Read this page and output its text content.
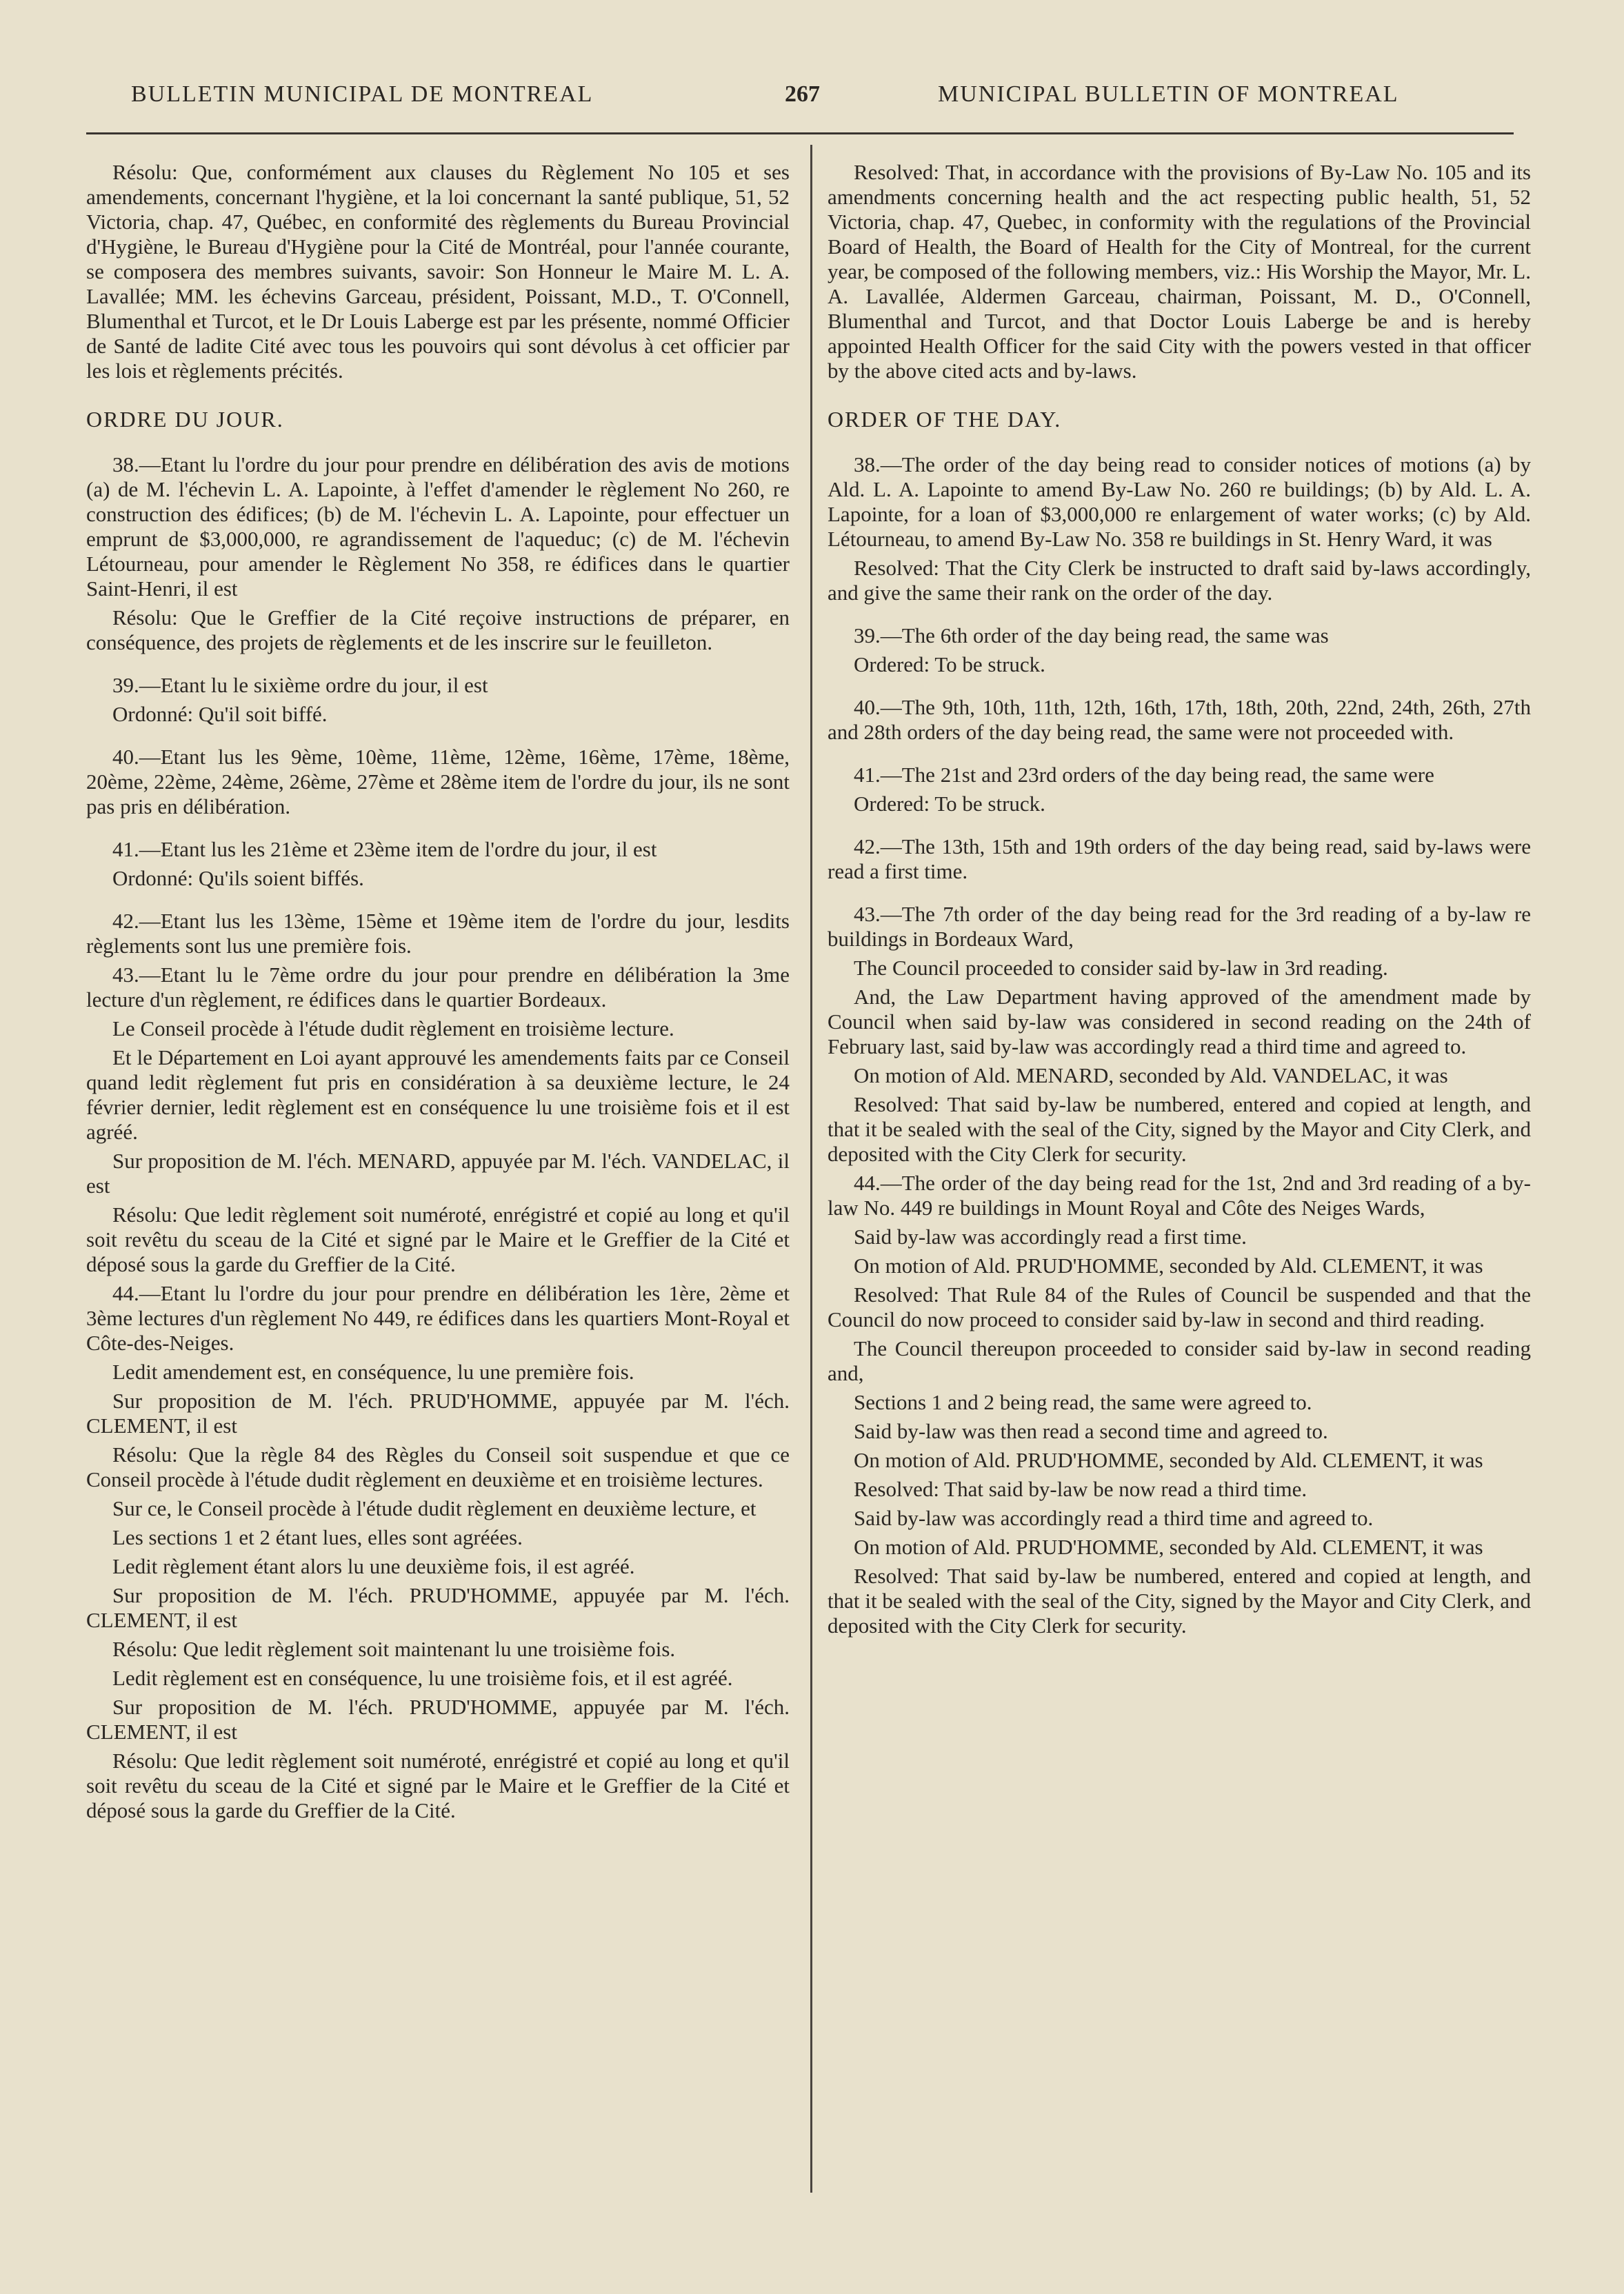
BULLETIN MUNICIPAL DE MONTREAL	267	MUNICIPAL BULLETIN OF MONTREAL

Résolu: Que, conformément aux clauses du Règlement No 105 et ses amendements, concernant l'hygiène, et la loi concernant la santé publique, 51, 52 Victoria, chap. 47, Québec, en conformité des règlements du Bureau Provincial d'Hygiène, le Bureau d'Hygiène pour la Cité de Montréal, pour l'année courante, se composera des membres suivants, savoir: Son Honneur le Maire M. L. A. Lavallée; MM. les échevins Garceau, président, Poissant, M.D., T. O'Connell, Blumenthal et Turcot, et le Dr Louis Laberge est par les présente, nommé Officier de Santé de ladite Cité avec tous les pouvoirs qui sont dévolus à cet officier par les lois et règlements précités.

ORDRE DU JOUR.

38.—Etant lu l'ordre du jour pour prendre en délibération des avis de motions (a) de M. l'échevin L. A. Lapointe, à l'effet d'amender le règlement No 260, re construction des édifices; (b) de M. l'échevin L. A. Lapointe, pour effectuer un emprunt de $3,000,000, re agrandissement de l'aqueduc; (c) de M. l'échevin Létourneau, pour amender le Règlement No 358, re édifices dans le quartier Saint-Henri, il est

Résolu: Que le Greffier de la Cité reçoive instructions de préparer, en conséquence, des projets de règlements et de les inscrire sur le feuilleton.

39.—Etant lu le sixième ordre du jour, il est

Ordonné: Qu'il soit biffé.

40.—Etant lus les 9ème, 10ème, 11ème, 12ème, 16ème, 17ème, 18ème, 20ème, 22ème, 24ème, 26ème, 27ème et 28ème item de l'ordre du jour, ils ne sont pas pris en délibération.

41.—Etant lus les 21ème et 23ème item de l'ordre du jour, il est

Ordonné: Qu'ils soient biffés.

42.—Etant lus les 13ème, 15ème et 19ème item de l'ordre du jour, lesdits règlements sont lus une première fois.

43.—Etant lu le 7ème ordre du jour pour prendre en délibération la 3me lecture d'un règlement, re édifices dans le quartier Bordeaux.

Le Conseil procède à l'étude dudit règlement en troisième lecture.

Et le Département en Loi ayant approuvé les amendements faits par ce Conseil quand ledit règlement fut pris en considération à sa deuxième lecture, le 24 février dernier, ledit règlement est en conséquence lu une troisième fois et il est agréé.

Sur proposition de M. l'éch. MENARD, appuyée par M. l'éch. VANDELAC, il est

Résolu: Que ledit règlement soit numéroté, enrégistré et copié au long et qu'il soit revêtu du sceau de la Cité et signé par le Maire et le Greffier de la Cité et déposé sous la garde du Greffier de la Cité.

44.—Etant lu l'ordre du jour pour prendre en délibération les 1ère, 2ème et 3ème lectures d'un règlement No 449, re édifices dans les quartiers Mont-Royal et Côte-des-Neiges.

Ledit amendement est, en conséquence, lu une première fois.

Sur proposition de M. l'éch. PRUD'HOMME, appuyée par M. l'éch. CLEMENT, il est

Résolu: Que la règle 84 des Règles du Conseil soit suspendue et que ce Conseil procède à l'étude dudit règlement en deuxième et en troisième lectures.

Sur ce, le Conseil procède à l'étude dudit règlement en deuxième lecture, et

Les sections 1 et 2 étant lues, elles sont agréées.

Ledit règlement étant alors lu une deuxième fois, il est agréé.

Sur proposition de M. l'éch. PRUD'HOMME, appuyée par M. l'éch. CLEMENT, il est

Résolu: Que ledit règlement soit maintenant lu une troisième fois.

Ledit règlement est en conséquence, lu une troisième fois, et il est agréé.

Sur proposition de M. l'éch. PRUD'HOMME, appuyée par M. l'éch. CLEMENT, il est

Résolu: Que ledit règlement soit numéroté, enrégistré et copié au long et qu'il soit revêtu du sceau de la Cité et signé par le Maire et le Greffier de la Cité et déposé sous la garde du Greffier de la Cité.

Resolved: That, in accordance with the provisions of By-Law No. 105 and its amendments concerning health and the act respecting public health, 51, 52 Victoria, chap. 47, Quebec, in conformity with the regulations of the Provincial Board of Health, the Board of Health for the City of Montreal, for the current year, be composed of the following members, viz.: His Worship the Mayor, Mr. L. A. Lavallée, Aldermen Garceau, chairman, Poissant, M. D., O'Connell, Blumenthal and Turcot, and that Doctor Louis Laberge be and is hereby appointed Health Officer for the said City with the powers vested in that officer by the above cited acts and by-laws.

ORDER OF THE DAY.

38.—The order of the day being read to consider notices of motions (a) by Ald. L. A. Lapointe to amend By-Law No. 260 re buildings; (b) by Ald. L. A. Lapointe, for a loan of $3,000,000 re enlargement of water works; (c) by Ald. Létourneau, to amend By-Law No. 358 re buildings in St. Henry Ward, it was

Resolved: That the City Clerk be instructed to draft said by-laws accordingly, and give the same their rank on the order of the day.

39.—The 6th order of the day being read, the same was

Ordered: To be struck.

40.—The 9th, 10th, 11th, 12th, 16th, 17th, 18th, 20th, 22nd, 24th, 26th, 27th and 28th orders of the day being read, the same were not proceeded with.

41.—The 21st and 23rd orders of the day being read, the same were

Ordered: To be struck.

42.—The 13th, 15th and 19th orders of the day being read, said by-laws were read a first time.

43.—The 7th order of the day being read for the 3rd reading of a by-law re buildings in Bordeaux Ward,

The Council proceeded to consider said by-law in 3rd reading.

And, the Law Department having approved of the amendment made by Council when said by-law was considered in second reading on the 24th of February last, said by-law was accordingly read a third time and agreed to.

On motion of Ald. MENARD, seconded by Ald. VANDELAC, it was

Resolved: That said by-law be numbered, entered and copied at length, and that it be sealed with the seal of the City, signed by the Mayor and City Clerk, and deposited with the City Clerk for security.

44.—The order of the day being read for the 1st, 2nd and 3rd reading of a by-law No. 449 re buildings in Mount Royal and Côte des Neiges Wards,

Said by-law was accordingly read a first time.

On motion of Ald. PRUD'HOMME, seconded by Ald. CLEMENT, it was

Resolved: That Rule 84 of the Rules of Council be suspended and that the Council do now proceed to consider said by-law in second and third reading.

The Council thereupon proceeded to consider said by-law in second reading and,

Sections 1 and 2 being read, the same were agreed to.

Said by-law was then read a second time and agreed to.

On motion of Ald. PRUD'HOMME, seconded by Ald. CLEMENT, it was

Resolved: That said by-law be now read a third time.

Said by-law was accordingly read a third time and agreed to.

On motion of Ald. PRUD'HOMME, seconded by Ald. CLEMENT, it was

Resolved: That said by-law be numbered, entered and copied at length, and that it be sealed with the seal of the City, signed by the Mayor and City Clerk, and deposited with the City Clerk for security.
